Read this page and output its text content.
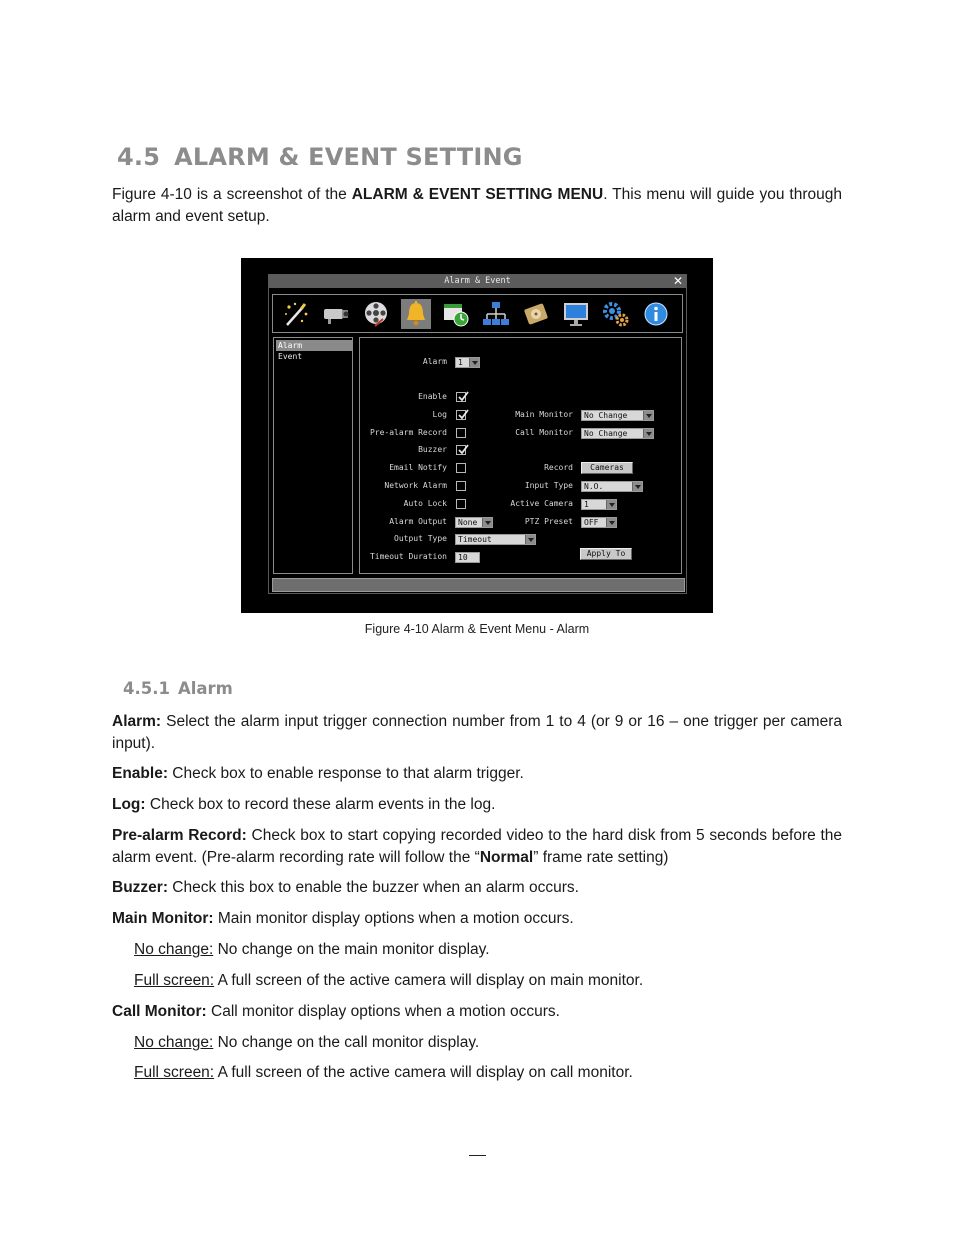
4.5 ALARM & EVENT SETTING
Figure 4-10 is a screenshot of the ALARM & EVENT SETTING MENU. This menu will guide you through alarm and event setup.
Alarm & Event	✕
Alarm
Event
Alarm 1
Enable
Log
Pre-alarm Record
Buzzer
Email Notify
Network Alarm
Auto Lock
Alarm Output
Output Type
Timeout Duration
None
Timeout
10
Main Monitor No Change
Call Monitor No Change
Record	Cameras
Input Type N.O.
Active Camera 1
PTZ Preset OFF
Apply To
Figure 4-10 Alarm & Event Menu - Alarm
4.5.1 Alarm
Alarm: Select the alarm input trigger connection number from 1 to 4 (or 9 or 16 – one trigger per camera input).
Enable: Check box to enable response to that alarm trigger.
Log: Check box to record these alarm events in the log.
Pre-alarm Record: Check box to start copying recorded video to the hard disk from 5 seconds before the alarm event. (Pre-alarm recording rate will follow the “Normal” frame rate setting)
Buzzer: Check this box to enable the buzzer when an alarm occurs.
Main Monitor: Main monitor display options when a motion occurs.
No change: No change on the main monitor display.
Full screen: A full screen of the active camera will display on main monitor.
Call Monitor: Call monitor display options when a motion occurs.
No change: No change on the call monitor display.
Full screen: A full screen of the active camera will display on call monitor.
